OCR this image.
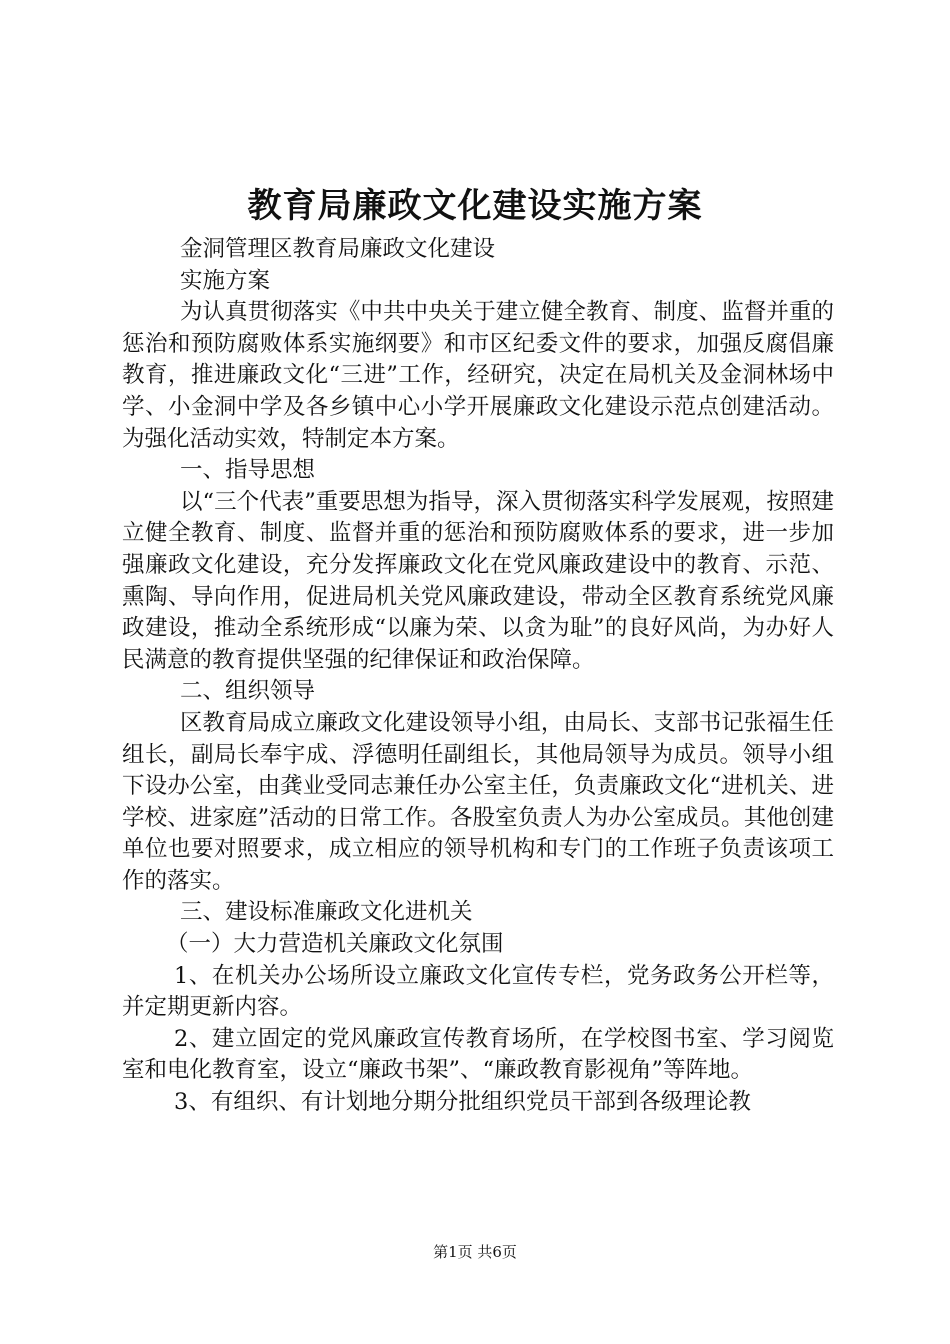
教育局廉政文化建设实施方案

金洞管理区教育局廉政文化建设

实施方案

为认真贯彻落实《中共中央关于建立健全教育、制度、监督并重的惩治和预防腐败体系实施纲要》和市区纪委文件的要求，加强反腐倡廉教育，推进廉政文化“三进”工作，经研究，决定在局机关及金洞林场中学、小金洞中学及各乡镇中心小学开展廉政文化建设示范点创建活动。为强化活动实效，特制定本方案。

一、指导思想

以“三个代表”重要思想为指导，深入贯彻落实科学发展观，按照建立健全教育、制度、监督并重的惩治和预防腐败体系的要求，进一步加强廉政文化建设，充分发挥廉政文化在党风廉政建设中的教育、示范、熏陶、导向作用，促进局机关党风廉政建设，带动全区教育系统党风廉政建设，推动全系统形成“以廉为荣、以贪为耻”的良好风尚，为办好人民满意的教育提供坚强的纪律保证和政治保障。

二、组织领导

区教育局成立廉政文化建设领导小组，由局长、支部书记张福生任组长，副局长奉宇成、浮德明任副组长，其他局领导为成员。领导小组下设办公室，由龚业受同志兼任办公室主任，负责廉政文化“进机关、进学校、进家庭”活动的日常工作。各股室负责人为办公室成员。其他创建单位也要对照要求，成立相应的领导机构和专门的工作班子负责该项工作的落实。

三、建设标准廉政文化进机关

（一）大力营造机关廉政文化氛围

1、在机关办公场所设立廉政文化宣传专栏，党务政务公开栏等，并定期更新内容。

2、建立固定的党风廉政宣传教育场所，在学校图书室、学习阅览室和电化教育室，设立“廉政书架”、“廉政教育影视角”等阵地。

3、有组织、有计划地分期分批组织党员干部到各级理论教

第1页 共6页
